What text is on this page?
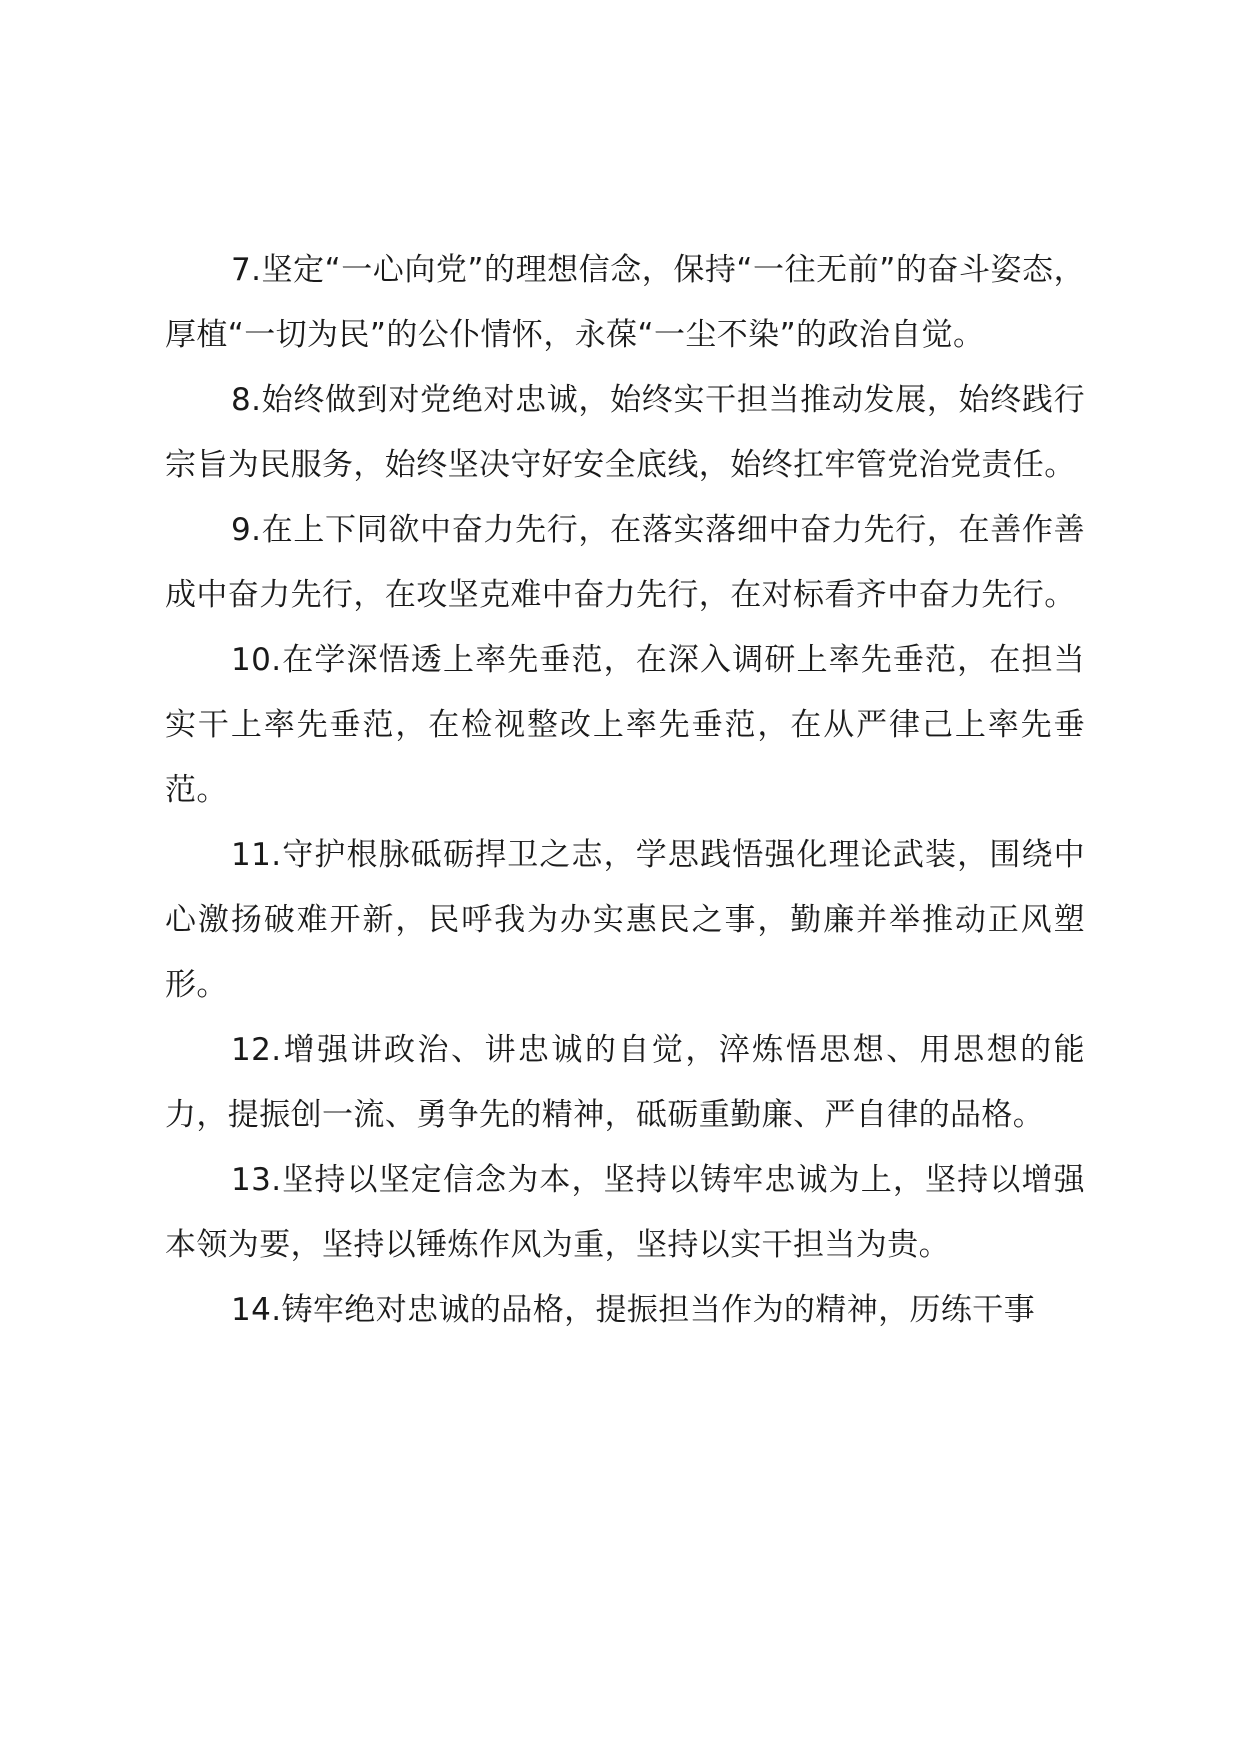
7.坚定“一心向党”的理想信念，保持“一往无前”的奋斗姿态，厚植“一切为民”的公仆情怀，永葆“一尘不染”的政治自觉。

8.始终做到对党绝对忠诚，始终实干担当推动发展，始终践行宗旨为民服务，始终坚决守好安全底线，始终扛牢管党治党责任。

9.在上下同欲中奋力先行，在落实落细中奋力先行，在善作善成中奋力先行，在攻坚克难中奋力先行，在对标看齐中奋力先行。

10.在学深悟透上率先垂范，在深入调研上率先垂范，在担当实干上率先垂范，在检视整改上率先垂范，在从严律己上率先垂范。

11.守护根脉砥砺捍卫之志，学思践悟强化理论武装，围绕中心激扬破难开新，民呼我为办实惠民之事，勤廉并举推动正风塑形。

12.增强讲政治、讲忠诚的自觉，淬炼悟思想、用思想的能力，提振创一流、勇争先的精神，砥砺重勤廉、严自律的品格。

13.坚持以坚定信念为本，坚持以铸牢忠诚为上，坚持以增强本领为要，坚持以锤炼作风为重，坚持以实干担当为贵。

14.铸牢绝对忠诚的品格，提振担当作为的精神，历练干事
